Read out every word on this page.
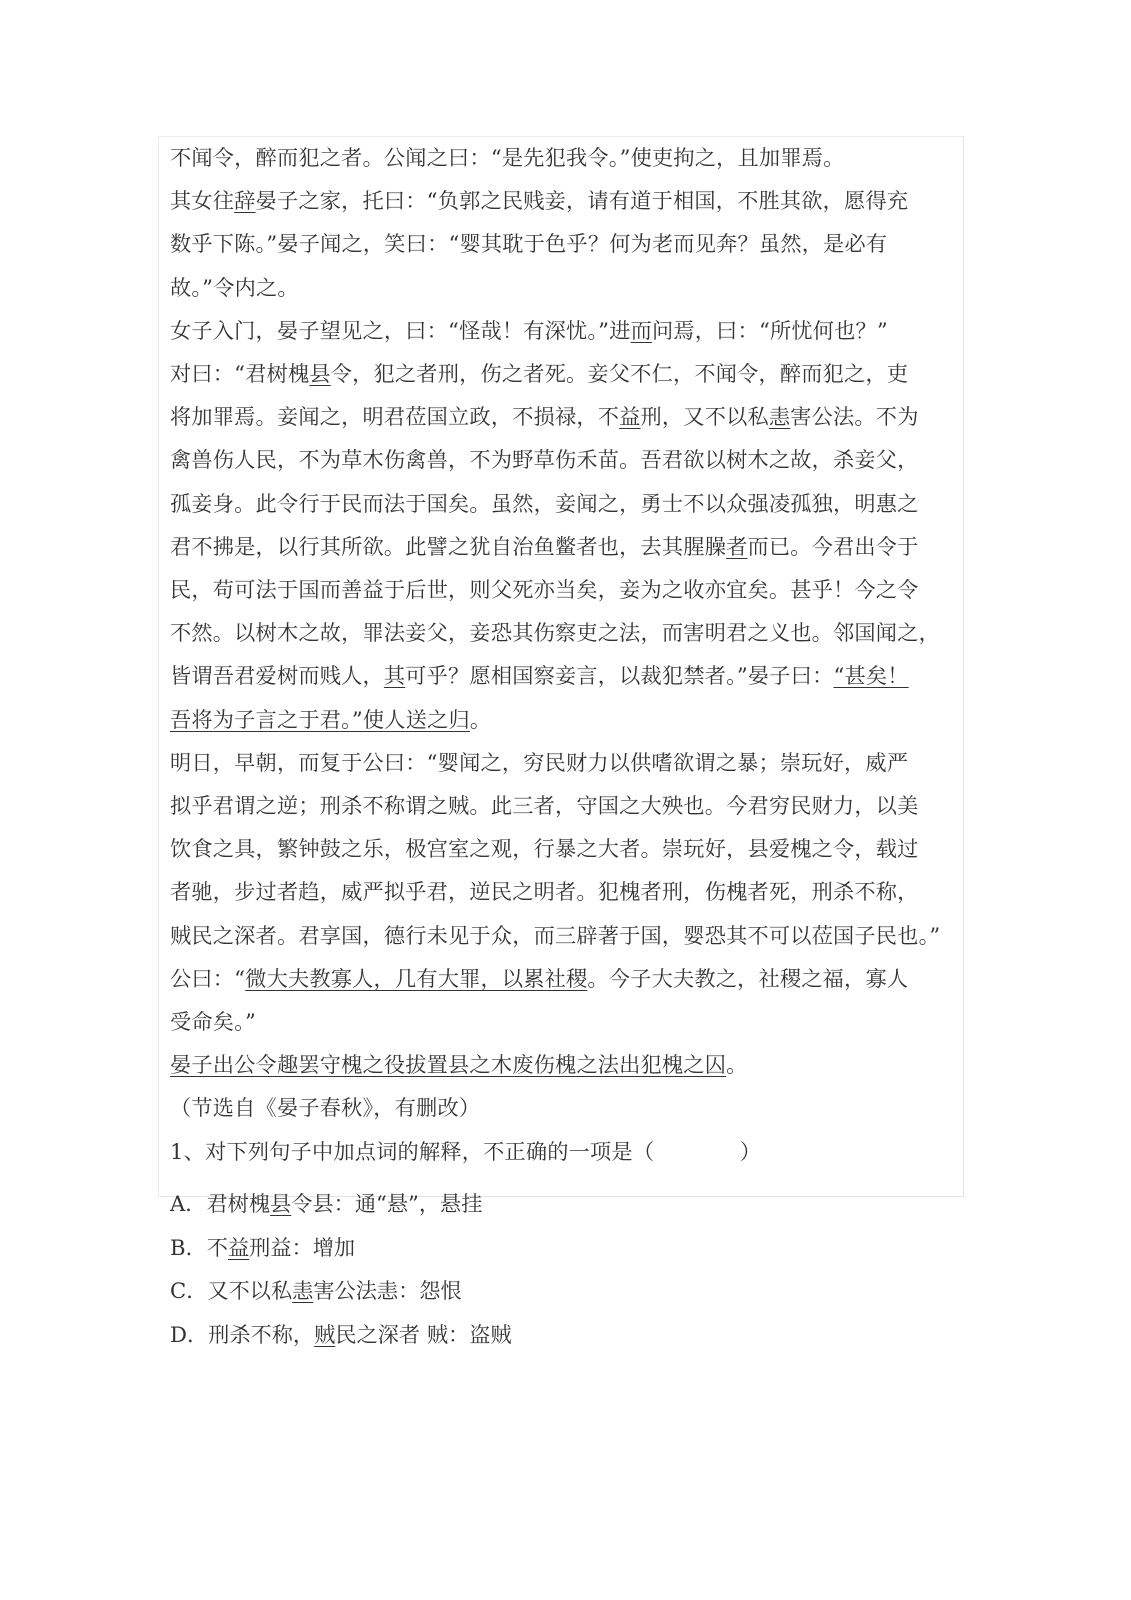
不闻令，醉而犯之者。公闻之曰：“是先犯我令。”使吏拘之，且加罪焉。
其女往辞晏子之家，托曰：“负郭之民贱妾，请有道于相国，不胜其欲，愿得充
数乎下陈。”晏子闻之，笑曰：“婴其耽于色乎？何为老而见奔？虽然，是必有
故。”令内之。
女子入门，晏子望见之，曰：“怪哉！有深忧。”进而问焉，曰：“所忧何也？”
对曰：“君树槐县令，犯之者刑，伤之者死。妾父不仁，不闻令，醉而犯之，吏
将加罪焉。妾闻之，明君莅国立政，不损禄，不益刑，又不以私恚害公法。不为
禽兽伤人民，不为草木伤禽兽，不为野草伤禾苗。吾君欲以树木之故，杀妾父，
孤妾身。此令行于民而法于国矣。虽然，妾闻之，勇士不以众强凌孤独，明惠之
君不拂是，以行其所欲。此譬之犹自治鱼鳖者也，去其腥臊者而已。今君出令于
民，苟可法于国而善益于后世，则父死亦当矣，妾为之收亦宜矣。甚乎！今之令
不然。以树木之故，罪法妾父，妾恐其伤察吏之法，而害明君之义也。邻国闻之，
皆谓吾君爱树而贱人，其可乎？愿相国察妾言，以裁犯禁者。”晏子曰：“甚矣！
吾将为子言之于君。”使人送之归。
明日，早朝，而复于公曰：“婴闻之，穷民财力以供嗜欲谓之暴；崇玩好，威严
拟乎君谓之逆；刑杀不称谓之贼。此三者，守国之大殃也。今君穷民财力，以美
饮食之具，繁钟鼓之乐，极宫室之观，行暴之大者。崇玩好，县爱槐之令，载过
者驰，步过者趋，威严拟乎君，逆民之明者。犯槐者刑，伤槐者死，刑杀不称，
贼民之深者。君享国，德行未见于众，而三辟著于国，婴恐其不可以莅国子民也。”
公曰：“微大夫教寡人，几有大罪，以累社稷。今子大夫教之，社稷之福，寡人
受命矣。”
晏子出公令趣罢守槐之役拔置县之木废伤槐之法出犯槐之囚。
（节选自《晏子春秋》，有删改）
1、对下列句子中加点词的解释，不正确的一项是（　　　　）
A．君树槐县令县：通“悬”，悬挂
B．不益刑益：增加
C．又不以私恚害公法恚：怨恨
D．刑杀不称，贼民之深者 贼：盗贼
